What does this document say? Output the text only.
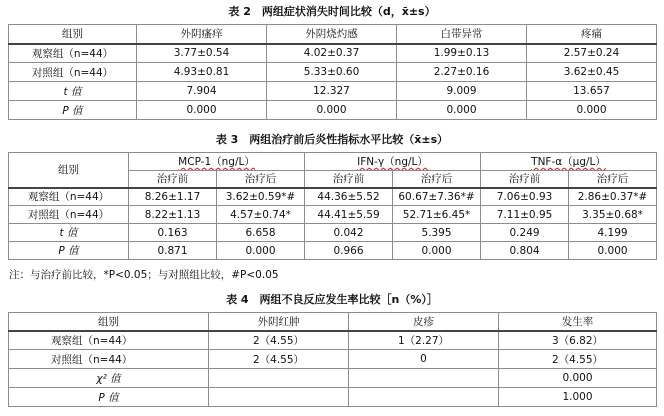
表 2　两组症状消失时间比较（d，x̄±s）
组别	外阴瘙痒	外阴烧灼感	白带异常	疼痛
观察组（n=44）	3.77±0.54	4.02±0.37	1.99±0.13	2.57±0.24
对照组（n=44）	4.93±0.81	5.33±0.60	2.27±0.16	3.62±0.45
t 值	7.904	12.327	9.009	13.657
P 值	0.000	0.000	0.000	0.000
表 3　两组治疗前后炎性指标水平比较（x̄±s）
组别	MCP-1（ng/L）		IFN-γ（ng/L）		TNF-α（μg/L）	
	治疗前	治疗后	治疗前	治疗后	治疗前	治疗后
观察组（n=44）	8.26±1.17	3.62±0.59*#	44.36±5.52	60.67±7.36*#	7.06±0.93	2.86±0.37*#
对照组（n=44）	8.22±1.13	4.57±0.74*	44.41±5.59	52.71±6.45*	7.11±0.95	3.35±0.68*
t 值	0.163	6.658	0.042	5.395	0.249	4.199
P 值	0.871	0.000	0.966	0.000	0.804	0.000
注：与治疗前比较，*P<0.05；与对照组比较，#P<0.05
表 4　两组不良反应发生率比较［n（%）］
组别	外阴红肿	皮疹	发生率
观察组（n=44）	2（4.55）	1（2.27）	3（6.82）
对照组（n=44）	2（4.55）	0	2（4.55）
χ² 值			0.000
P 值			1.000
